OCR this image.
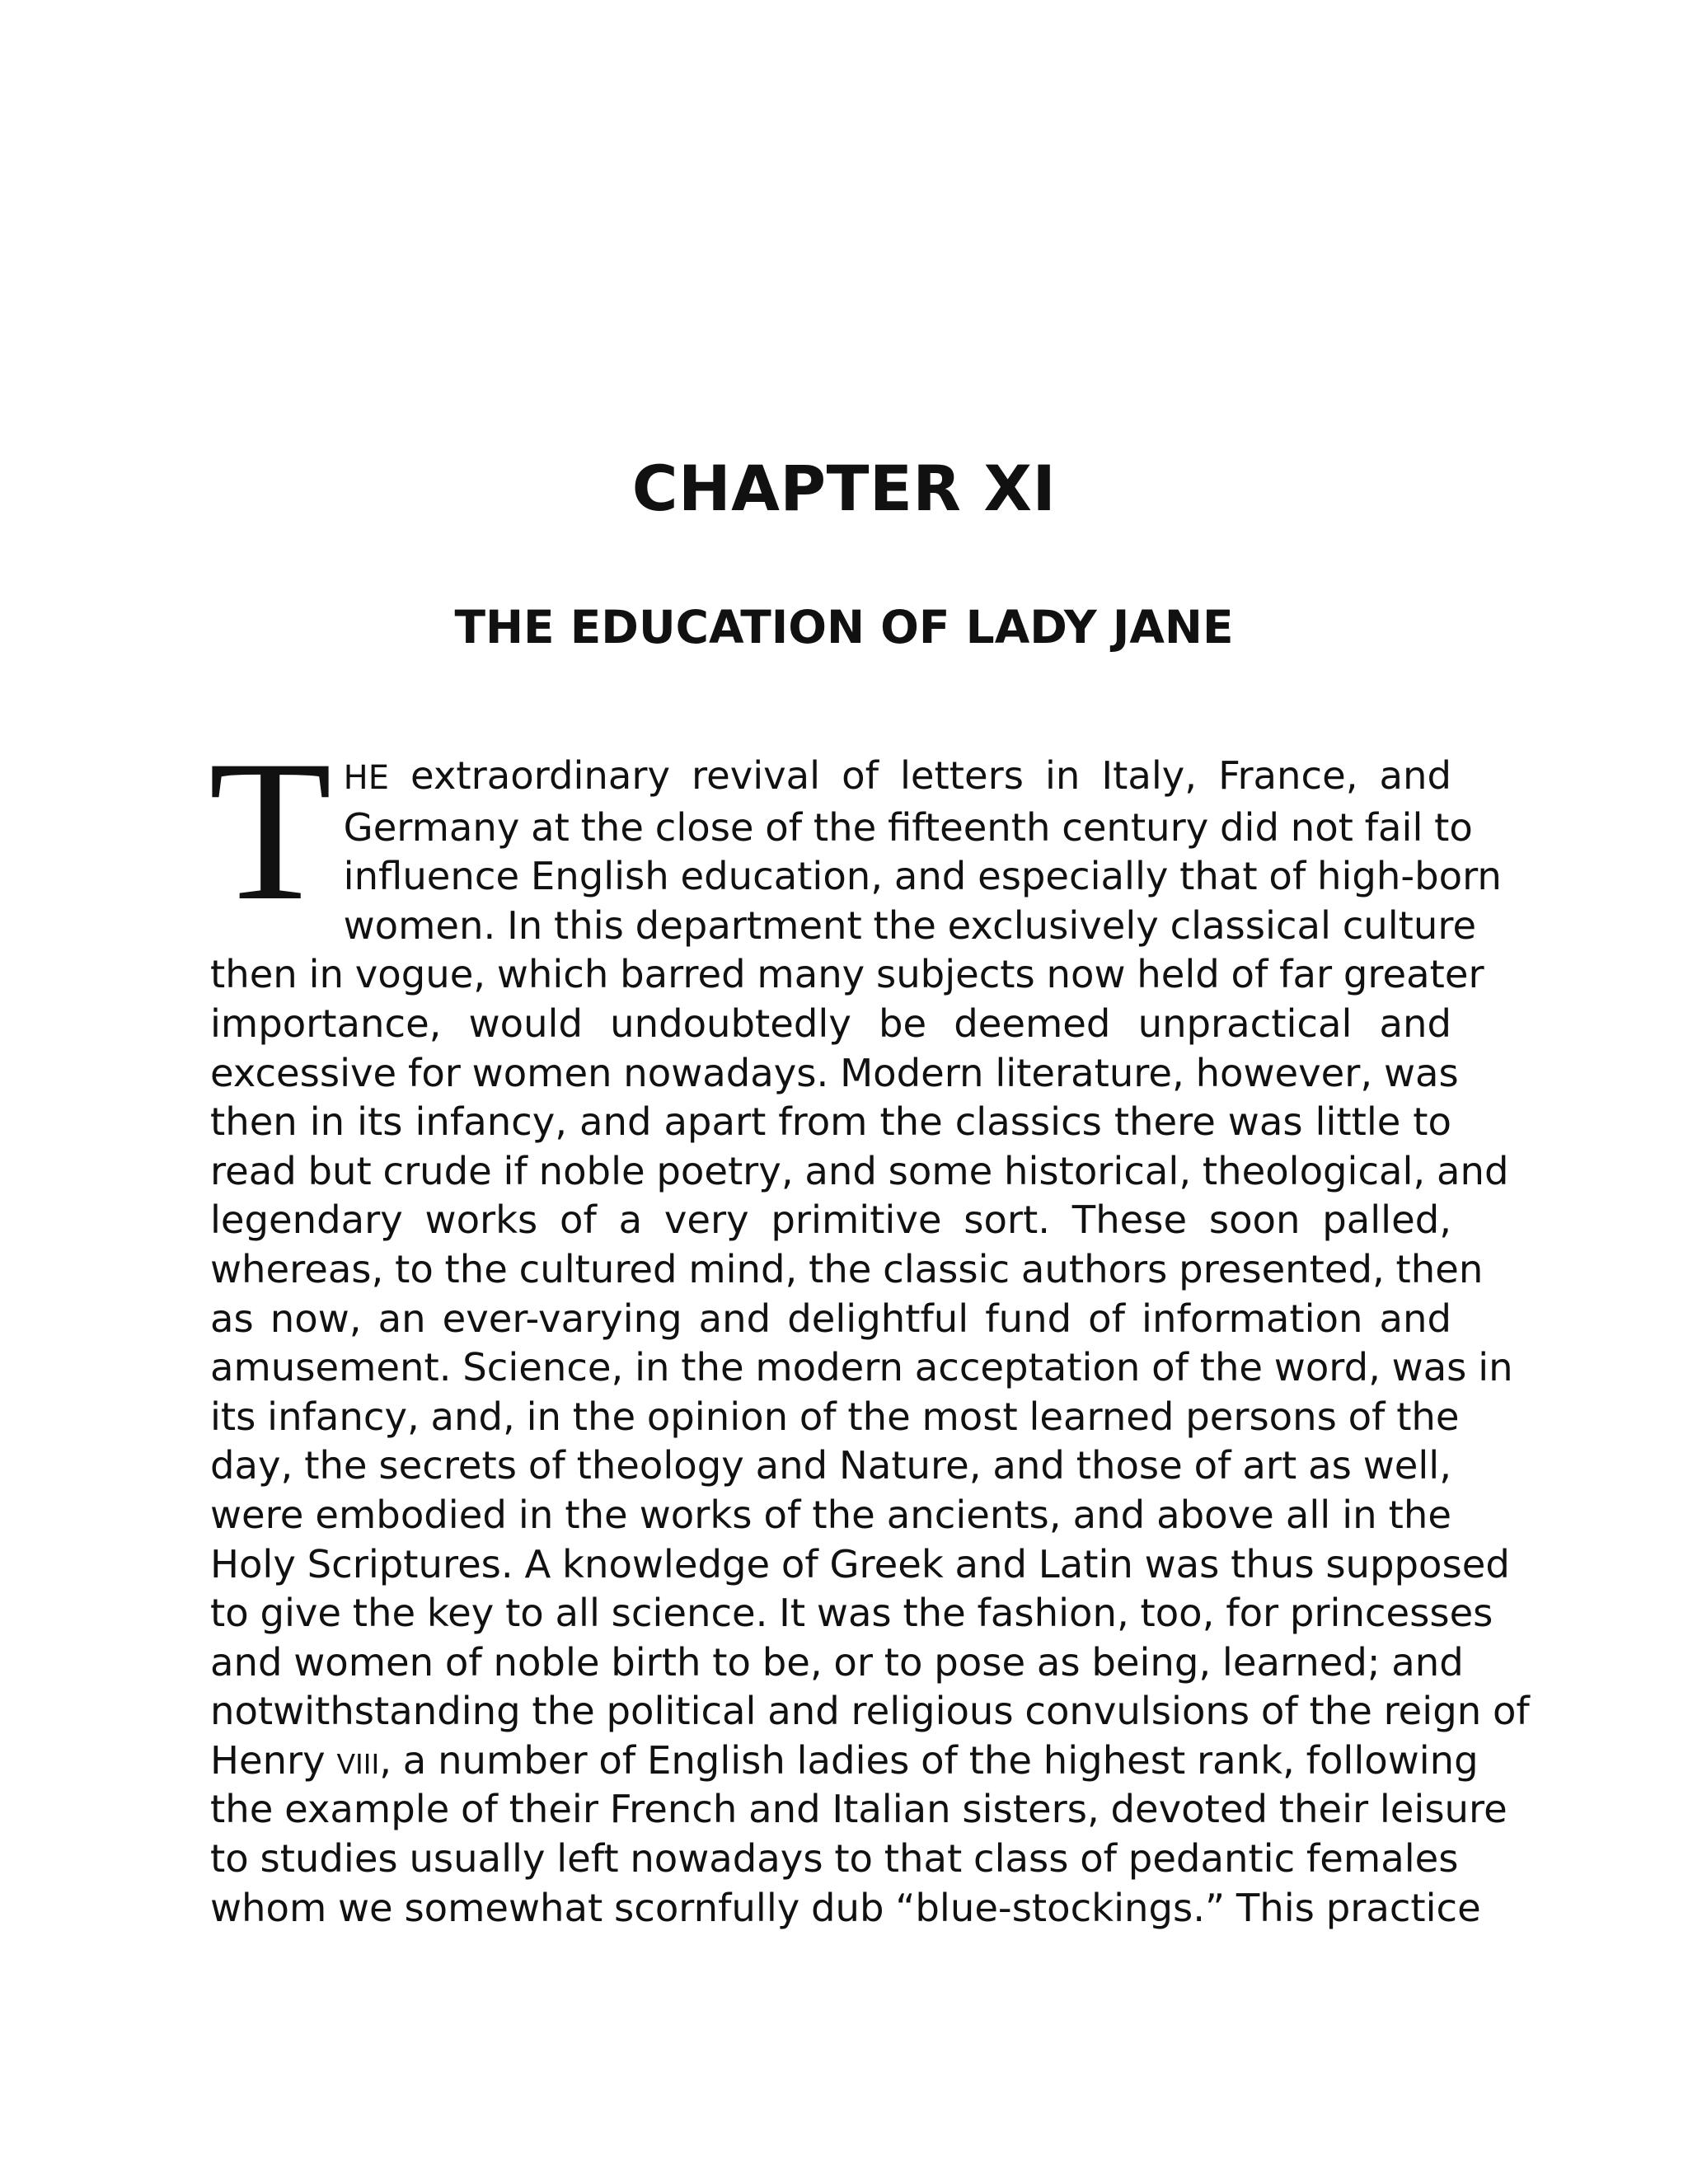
CHAPTER XI
THE EDUCATION OF LADY JANE
T HE extraordinary revival of letters in Italy, France, and
Germany at the close of the fifteenth century did not fail to
influence English education, and especially that of high-born
women. In this department the exclusively classical culture
then in vogue, which barred many subjects now held of far greater
importance, would undoubtedly be deemed unpractical and
excessive for women nowadays. Modern literature, however, was
then in its infancy, and apart from the classics there was little to
read but crude if noble poetry, and some historical, theological, and
legendary works of a very primitive sort. These soon palled,
whereas, to the cultured mind, the classic authors presented, then
as now, an ever-varying and delightful fund of information and
amusement. Science, in the modern acceptation of the word, was in
its infancy, and, in the opinion of the most learned persons of the
day, the secrets of theology and Nature, and those of art as well,
were embodied in the works of the ancients, and above all in the
Holy Scriptures. A knowledge of Greek and Latin was thus supposed
to give the key to all science. It was the fashion, too, for princesses
and women of noble birth to be, or to pose as being, learned; and
notwithstanding the political and religious convulsions of the reign of
Henry viii, a number of English ladies of the highest rank, following
the example of their French and Italian sisters, devoted their leisure
to studies usually left nowadays to that class of pedantic females
whom we somewhat scornfully dub “blue-stockings.” This practice
